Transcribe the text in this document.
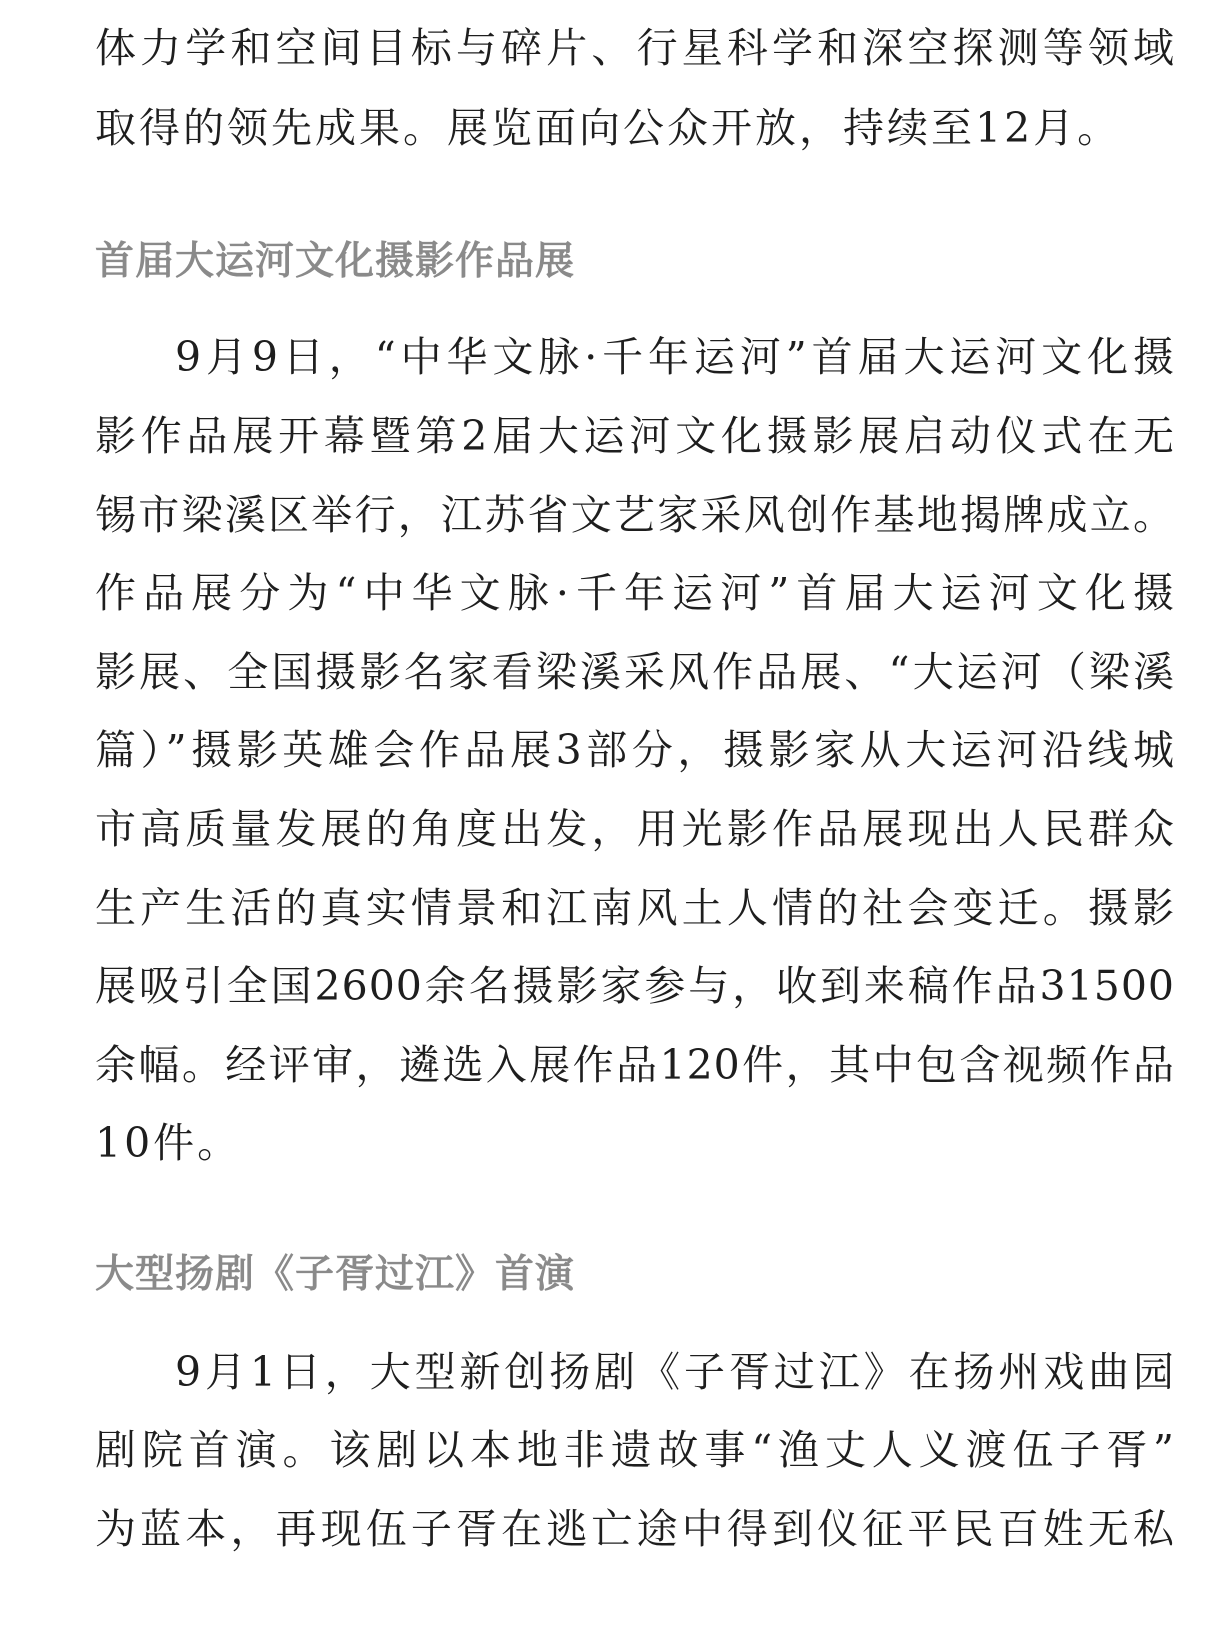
体力学和空间目标与碎片、行星科学和深空探测等领域

取得的领先成果。展览面向公众开放，持续至12月。

首届大运河文化摄影作品展

9月9日，“中华文脉·千年运河”首届大运河文化摄

影作品展开幕暨第2届大运河文化摄影展启动仪式在无

锡市梁溪区举行，江苏省文艺家采风创作基地揭牌成立。

作品展分为“中华文脉·千年运河”首届大运河文化摄

影展、全国摄影名家看梁溪采风作品展、“大运河（梁溪

篇）”摄影英雄会作品展3部分，摄影家从大运河沿线城

市高质量发展的角度出发，用光影作品展现出人民群众

生产生活的真实情景和江南风土人情的社会变迁。摄影

展吸引全国2600余名摄影家参与，收到来稿作品31500

余幅。经评审，遴选入展作品120件，其中包含视频作品

10件。

大型扬剧《子胥过江》首演

9月1日，大型新创扬剧《子胥过江》在扬州戏曲园

剧院首演。该剧以本地非遗故事“渔丈人义渡伍子胥”

为蓝本，再现伍子胥在逃亡途中得到仪征平民百姓无私
